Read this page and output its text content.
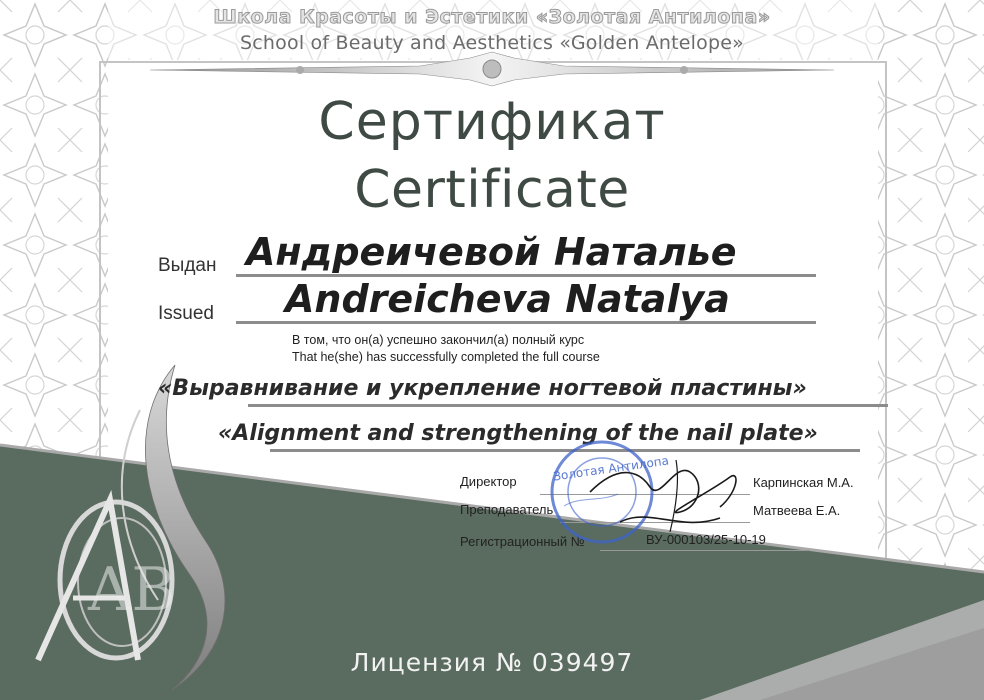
AB
Школа Красоты и Эстетики «Золотая Антилопа»
School of Beauty and Aesthetics «Golden Antelope»
Сертификат
Certificate
Выдан
Issued
Андреичевой Наталье
Andreicheva Natalya
В том, что он(а) успешно закончил(а) полный курс
That he(she) has successfully completed the full course
«Выравнивание и укрепление ногтевой пластины»
«Alignment and strengthening of the nail plate»
Директор	Карпинская М.А.
Преподаватель	Матвеева Е.А.
Регистрационный №	ВУ-000103/25-10-19
Золотая Антилопа
Лицензия № 039497
